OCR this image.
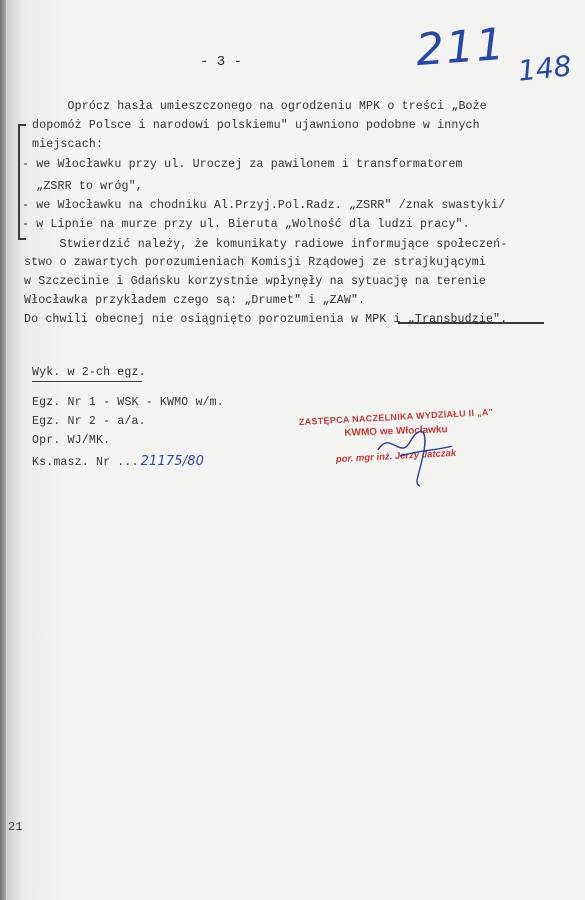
- 3 -	211 148
Oprócz hasła umieszczonego na ogrodzeniu MPK o treści „Boże
dopomóż Polsce i narodowi polskiemu" ujawniono podobne w innych
miejscach:
- we Włocławku przy ul. Uroczej za pawilonem i transformatorem
„ZSRR to wróg",
- we Włocławku na chodniku Al.Przyj.Pol.Radz. „ZSRR" /znak swastyki/
- w Lipnie na murze przy ul. Bieruta „Wolność dla ludzi pracy".
Stwierdzić należy, że komunikaty radiowe informujące społeczeń-
stwo o zawartych porozumieniach Komisji Rządowej ze strajkującymi
w Szczecinie i Gdańsku korzystnie wpłynęły na sytuację na terenie
Włocławka przykładem czego są: „Drumet" i „ZAW".
Do chwili obecnej nie osiągnięto porozumienia w MPK i „Transbudzie".
Wyk. w 2-ch egz.
Egz. Nr 1 - WSK - KWMO w/m.
Egz. Nr 2 - a/a.
Opr. WJ/MK.
Ks.masz. Nr ... 21175/80
ZASTĘPCA NACZELNIKA WYDZIAŁU II „A"
KWMO we Włocławku
por. mgr inż. Jerzy Jatczak
21
